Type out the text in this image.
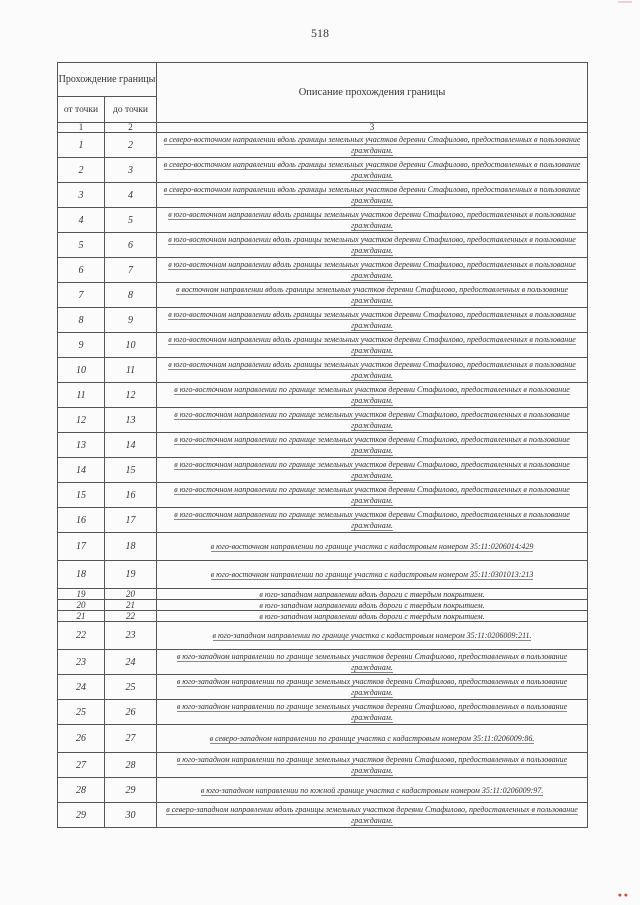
518
● ●
Прохождение границы		Описание прохождения границы
от точки	до точки	
1	2	3
1	2	в северо-восточном направлении вдоль границы земельных участков деревни Стафилово, предоставленных в пользование гражданам.
2	3	в северо-восточном направлении вдоль границы земельных участков деревни Стафилово, предоставленных в пользование гражданам.
3	4	в северо-восточном направлении вдоль границы земельных участков деревни Стафилово, предоставленных в пользование гражданам.
4	5	в юго-восточном направлении вдоль границы земельных участков деревни Стафилово, предоставленных в пользование гражданам.
5	6	в юго-восточном направлении вдоль границы земельных участков деревни Стафилово, предоставленных в пользование гражданам.
6	7	в юго-восточном направлении вдоль границы земельных участков деревни Стафилово, предоставленных в пользование гражданам.
7	8	в восточном направлении вдоль границы земельных участков деревни Стафилово, предоставленных в пользование гражданам.
8	9	в юго-восточном направлении вдоль границы земельных участков деревни Стафилово, предоставленных в пользование гражданам.
9	10	в юго-восточном направлении вдоль границы земельных участков деревни Стафилово, предоставленных в пользование гражданам.
10	11	в юго-восточном направлении вдоль границы земельных участков деревни Стафилово, предоставленных в пользование гражданам.
11	12	в юго-восточном направлении по границе земельных участков деревни Стафилово, предоставленных в пользование гражданам.
12	13	в юго-восточном направлении по границе земельных участков деревни Стафилово, предоставленных в пользование гражданам.
13	14	в юго-восточном направлении по границе земельных участков деревни Стафилово, предоставленных в пользование гражданам.
14	15	в юго-восточном направлении по границе земельных участков деревни Стафилово, предоставленных в пользование гражданам.
15	16	в юго-восточном направлении по границе земельных участков деревни Стафилово, предоставленных в пользование гражданам.
16	17	в юго-восточном направлении по границе земельных участков деревни Стафилово, предоставленных в пользование гражданам.
17	18	в юго-восточном направлении по границе участка с кадастровым номером 35:11:0206014:429
18	19	в юго-восточном направлении по границе участка с кадастровым номером 35:11:0301013:213
19	20	в юго-западном направлении вдоль дороги с твердым покрытием.
20	21	в юго-западном направлении вдоль дороги с твердым покрытием.
21	22	в юго-западном направлении вдоль дороги с твердым покрытием.
22	23	в юго-западном направлении по границе участка с кадастровым номером 35:11:0206009:211.
23	24	в юго-западном направлении по границе земельных участков деревни Стафилово, предоставленных в пользование гражданам.
24	25	в юго-западном направлении по границе земельных участков деревни Стафилово, предоставленных в пользование гражданам.
25	26	в юго-западном направлении по границе земельных участков деревни Стафилово, предоставленных в пользование гражданам.
26	27	в северо-западном направлении по границе участка с кадастровым номером 35:11:0206009:86.
27	28	в юго-западном направлении по границе земельных участков деревни Стафилово, предоставленных в пользование гражданам.
28	29	в юго-западном направлении по южной границе участка с кадастровым номером 35:11:0206009:97.
29	30	в северо-западном направлении вдоль границы земельных участков деревни Стафилово, предоставленных в пользование гражданам.
